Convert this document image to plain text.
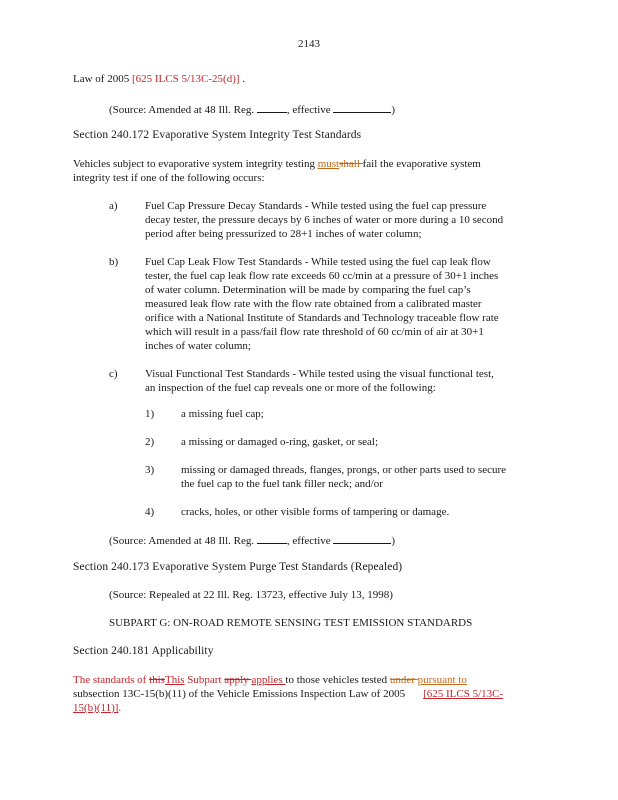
2143
Law of 2005 [625 ILCS 5/13C-25(d)] .
(Source: Amended at 48 Ill. Reg.	, effective	)
Section 240.172 Evaporative System Integrity Test Standards
Vehicles subject to evaporative system integrity testing mustshall fail the evaporative system
integrity test if one of the following occurs:
a) Fuel Cap Pressure Decay Standards - While tested using the fuel cap pressure
decay tester, the pressure decays by 6 inches of water or more during a 10 second
period after being pressurized to 28+1 inches of water column;
b) Fuel Cap Leak Flow Test Standards - While tested using the fuel cap leak flow
tester, the fuel cap leak flow rate exceeds 60 cc/min at a pressure of 30+1 inches
of water column. Determination will be made by comparing the fuel cap’s
measured leak flow rate with the flow rate obtained from a calibrated master
orifice with a National Institute of Standards and Technology traceable flow rate
which will result in a pass/fail flow rate threshold of 60 cc/min of air at 30+1
inches of water column;
c) Visual Functional Test Standards - While tested using the visual functional test,
an inspection of the fuel cap reveals one or more of the following:
1) a missing fuel cap;
2) a missing or damaged o-ring, gasket, or seal;
3) missing or damaged threads, flanges, prongs, or other parts used to secure
the fuel cap to the fuel tank filler neck; and/or
4) cracks, holes, or other visible forms of tampering or damage.
(Source: Amended at 48 Ill. Reg.	, effective	)
Section 240.173 Evaporative System Purge Test Standards (Repealed)
(Source: Repealed at 22 Ill. Reg. 13723, effective July 13, 1998)
SUBPART G: ON-ROAD REMOTE SENSING TEST EMISSION STANDARDS
Section 240.181 Applicability
The standards of thisThis Subpart apply applies to those vehicles tested under pursuant to
subsection 13C-15(b)(11) of the Vehicle Emissions Inspection Law of 2005 [625 ILCS 5/13C-
15(b)(11)].
